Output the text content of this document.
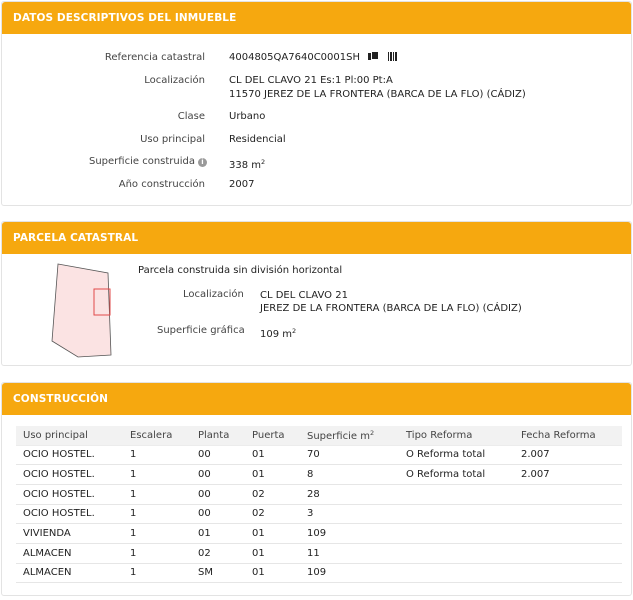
DATOS DESCRIPTIVOS DEL INMUEBLE
Referencia catastral 4004805QA7640C0001SH
Localización CL DEL CLAVO 21 Es:1 Pl:00 Pt:A
11570 JEREZ DE LA FRONTERA (BARCA DE LA FLO) (CÁDIZ)
Clase Urbano
Uso principal Residencial
Superficie construida i	338 $m^2$
Año construcción 2007
PARCELA CATASTRAL
Parcela construida sin división horizontal
Localización CL DEL CLAVO 21
JEREZ DE LA FRONTERA (BARCA DE LA FLO) (CÁDIZ)
Superficie gráfica 109 $m^2$
CONSTRUCCIÓN
Uso principal	Escalera	Planta	Puerta	Superficie $m^2$	Tipo Reforma	Fecha Reforma
OCIO HOSTEL.	1	00	01	70	O Reforma total	2.007
OCIO HOSTEL.	1	00	01	8	O Reforma total	2.007
OCIO HOSTEL.	1	00	02	28		
OCIO HOSTEL.	1	00	02	3		
VIVIENDA	1	01	01	109		
ALMACEN	1	02	01	11		
ALMACEN	1	SM	01	109		
